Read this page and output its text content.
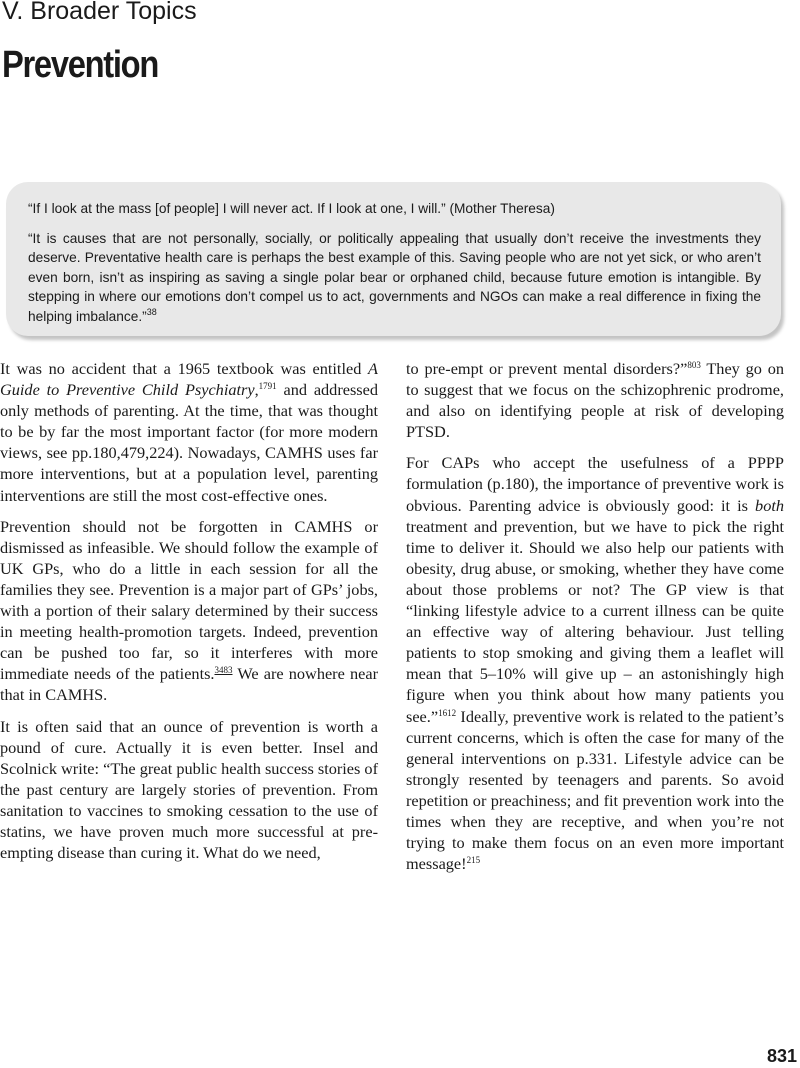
V. Broader Topics
Prevention

“If I look at the mass [of people] I will never act. If I look at one, I will.” (Mother Theresa)

“It is causes that are not personally, socially, or politically appealing that usually don’t receive the investments they deserve. Preventative health care is perhaps the best example of this. Saving people who are not yet sick, or who aren’t even born, isn’t as inspiring as saving a single polar bear or orphaned child, because future emotion is intangible. By stepping in where our emotions don’t compel us to act, governments and NGOs can make a real difference in fixing the helping imbalance.”$^{38}$

It was no accident that a 1965 textbook was entitled A Guide to Preventive Child Psychiatry,$^{1791}$ and addressed only methods of parenting. At the time, that was thought to be by far the most important factor (for more modern views, see pp.180,479,224). Nowadays, CAMHS uses far more interventions, but at a population level, parenting interventions are still the most cost-effective ones.

Prevention should not be forgotten in CAMHS or dismissed as infeasible. We should follow the example of UK GPs, who do a little in each session for all the families they see. Prevention is a major part of GPs’ jobs, with a portion of their salary determined by their success in meeting health-promotion targets. Indeed, prevention can be pushed too far, so it interferes with more immediate needs of the patients.$^{3483}$ We are nowhere near that in CAMHS.

It is often said that an ounce of prevention is worth a pound of cure. Actually it is even better. Insel and Scolnick write: “The great public health success stories of the past century are largely stories of prevention. From sanitation to vaccines to smoking cessation to the use of statins, we have proven much more successful at pre-empting disease than curing it. What do we need,

to pre-empt or prevent mental disorders?”$^{803}$ They go on to suggest that we focus on the schizophrenic prodrome, and also on identifying people at risk of developing PTSD.

For CAPs who accept the usefulness of a PPPP formulation (p.180), the importance of preventive work is obvious. Parenting advice is obviously good: it is both treatment and prevention, but we have to pick the right time to deliver it. Should we also help our patients with obesity, drug abuse, or smoking, whether they have come about those problems or not? The GP view is that “linking lifestyle advice to a current illness can be quite an effective way of altering behaviour. Just telling patients to stop smoking and giving them a leaflet will mean that 5–10% will give up – an astonishingly high figure when you think about how many patients you see.”$^{1612}$ Ideally, preventive work is related to the patient’s current concerns, which is often the case for many of the general interventions on p.331. Lifestyle advice can be strongly resented by teenagers and parents. So avoid repetition or preachiness; and fit prevention work into the times when they are receptive, and when you’re not trying to make them focus on an even more important message!$^{215}$

831
